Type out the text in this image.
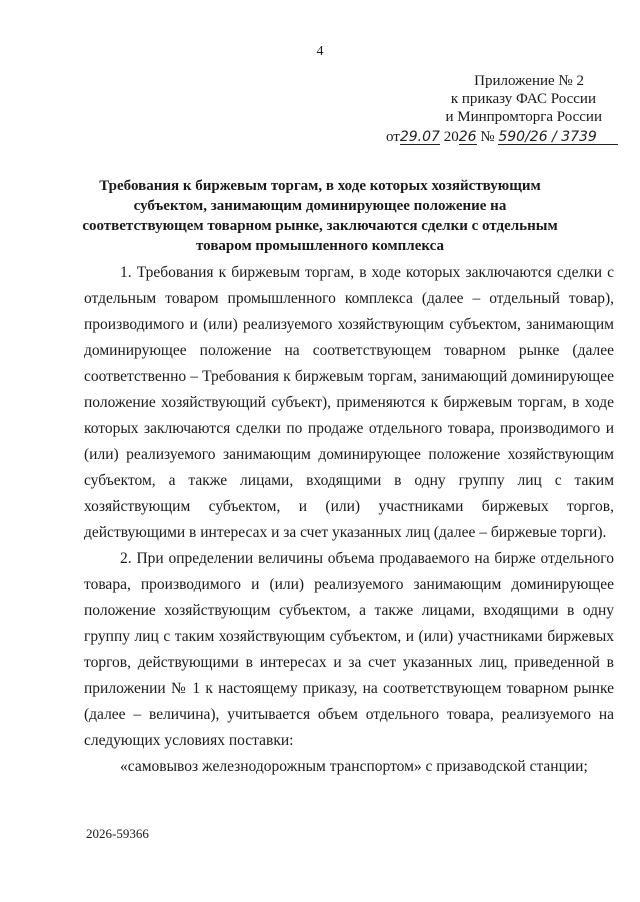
4
Приложение № 2
к приказу ФАС России
и Минпромторга России
от29.07 2026 № 590/26 / 3739
Требования к биржевым торгам, в ходе которых хозяйствующим субъектом, занимающим доминирующее положение на соответствующем товарном рынке, заключаются сделки с отдельным товаром промышленного комплекса

1. Требования к биржевым торгам, в ходе которых заключаются сделки с отдельным товаром промышленного комплекса (далее – отдельный товар), производимого и (или) реализуемого хозяйствующим субъектом, занимающим доминирующее положение на соответствующем товарном рынке (далее соответственно – Требования к биржевым торгам, занимающий доминирующее положение хозяйствующий субъект), применяются к биржевым торгам, в ходе которых заключаются сделки по продаже отдельного товара, производимого и (или) реализуемого занимающим доминирующее положение хозяйствующим субъектом, а также лицами, входящими в одну группу лиц с таким хозяйствующим субъектом, и (или) участниками биржевых торгов, действующими в интересах и за счет указанных лиц (далее – биржевые торги).

2. При определении величины объема продаваемого на бирже отдельного товара, производимого и (или) реализуемого занимающим доминирующее положение хозяйствующим субъектом, а также лицами, входящими в одну группу лиц с таким хозяйствующим субъектом, и (или) участниками биржевых торгов, действующими в интересах и за счет указанных лиц, приведенной в приложении № 1 к настоящему приказу, на соответствующем товарном рынке (далее – величина), учитывается объем отдельного товара, реализуемого на следующих условиях поставки:

«самовывоз железнодорожным транспортом» с призаводской станции;

2026-59366
